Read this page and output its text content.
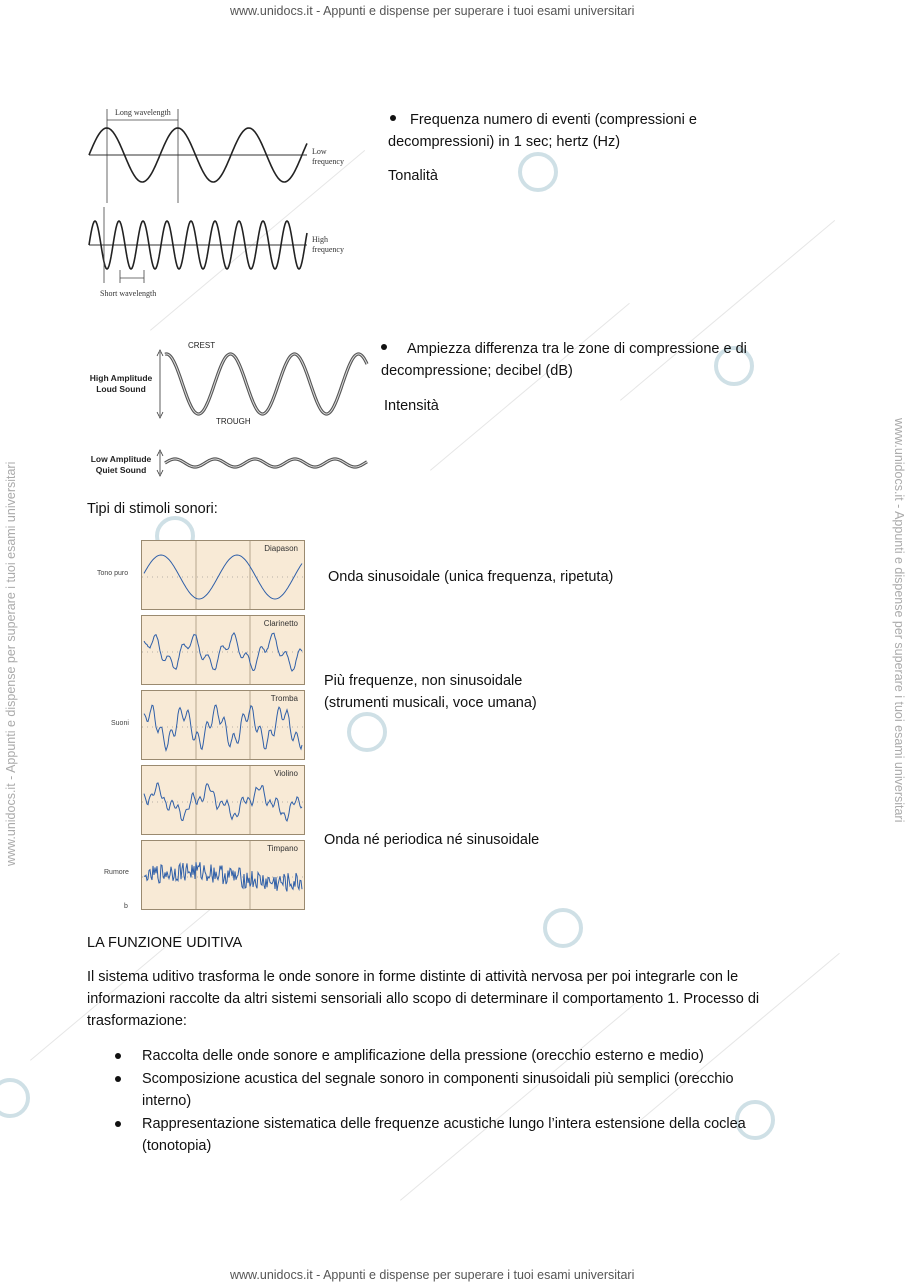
www.unidocs.it - Appunti e dispense per superare i tuoi esami universitari
www.unidocs.it - Appunti e dispense per superare i tuoi esami universitari
www.unidocs.it - Appunti e dispense per superare i tuoi esami universitari	www.unidocs.it - Appunti e dispense per superare i tuoi esami universitari
Long wavelength
Low
frequency
High
frequency
Short wavelength
Frequenza numero di eventi (compressioni e
decompressioni) in 1 sec; hertz (Hz)
Tonalità
CREST
TROUGH
High Amplitude
Loud Sound
Low Amplitude
Quiet Sound
Ampiezza differenza tra le zone di compressione e di
decompressione; decibel (dB)
Intensità
Tipi di stimoli sonori:
Tono puro
Suoni
Rumore
b
Diapason
Clarinetto
Tromba
Violino
Timpano
Onda sinusoidale (unica frequenza, ripetuta)
Più frequenze, non sinusoidale
(strumenti musicali, voce umana)
Onda né periodica né sinusoidale
LA FUNZIONE UDITIVA
Il sistema uditivo trasforma le onde sonore in forme distinte di attività nervosa per poi integrarle con le
informazioni raccolte da altri sistemi sensoriali allo scopo di determinare il comportamento 1. Processo di
trasformazione:
Raccolta delle onde sonore e amplificazione della pressione (orecchio esterno e medio)
Scomposizione acustica del segnale sonoro in componenti sinusoidali più semplici (orecchio
interno)
Rappresentazione sistematica delle frequenze acustiche lungo l’intera estensione della coclea
(tonotopia)
